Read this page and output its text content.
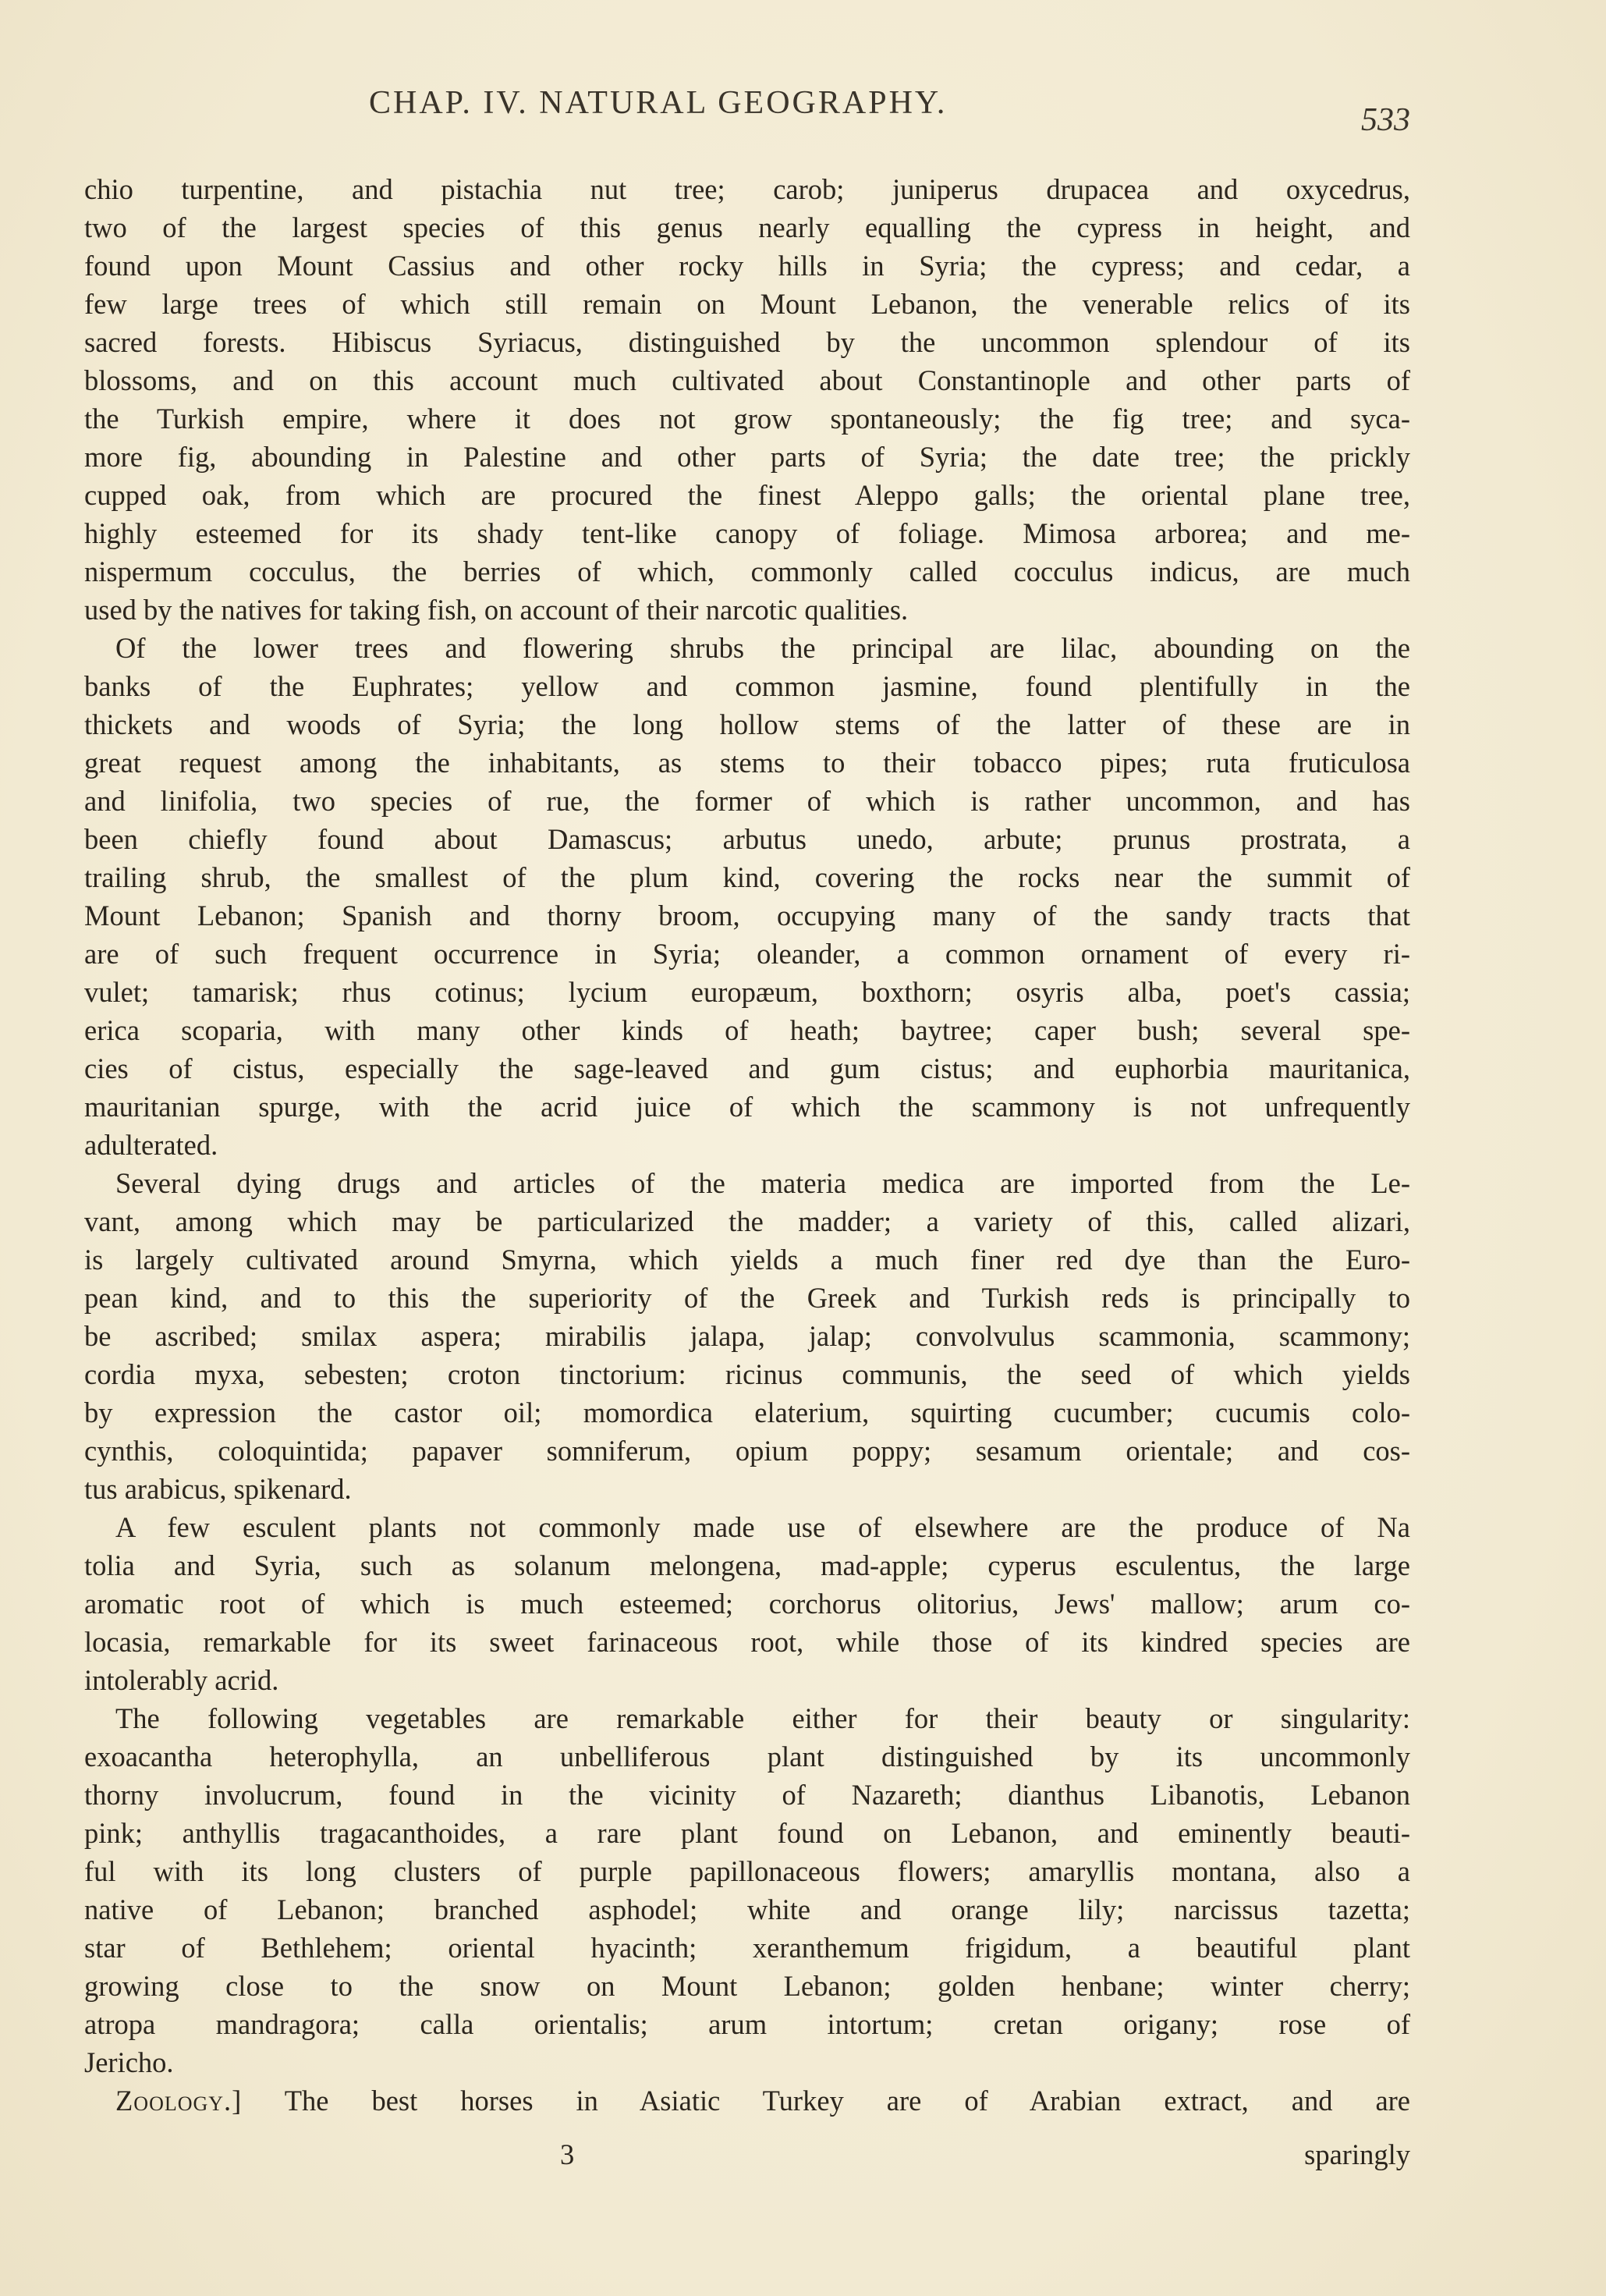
CHAP. IV. NATURAL GEOGRAPHY.	533
chio turpentine, and pistachia nut tree; carob; juniperus drupacea and oxycedrus,
two of the largest species of this genus nearly equalling the cypress in height, and
found upon Mount Cassius and other rocky hills in Syria; the cypress; and cedar, a
few large trees of which still remain on Mount Lebanon, the venerable relics of its
sacred forests. Hibiscus Syriacus, distinguished by the uncommon splendour of its
blossoms, and on this account much cultivated about Constantinople and other parts of
the Turkish empire, where it does not grow spontaneously; the fig tree; and syca-
more fig, abounding in Palestine and other parts of Syria; the date tree; the prickly
cupped oak, from which are procured the finest Aleppo galls; the oriental plane tree,
highly esteemed for its shady tent-like canopy of foliage. Mimosa arborea; and me-
nispermum cocculus, the berries of which, commonly called cocculus indicus, are much
used by the natives for taking fish, on account of their narcotic qualities.
Of the lower trees and flowering shrubs the principal are lilac, abounding on the
banks of the Euphrates; yellow and common jasmine, found plentifully in the
thickets and woods of Syria; the long hollow stems of the latter of these are in
great request among the inhabitants, as stems to their tobacco pipes; ruta fruticulosa
and linifolia, two species of rue, the former of which is rather uncommon, and has
been chiefly found about Damascus; arbutus unedo, arbute; prunus prostrata, a
trailing shrub, the smallest of the plum kind, covering the rocks near the summit of
Mount Lebanon; Spanish and thorny broom, occupying many of the sandy tracts that
are of such frequent occurrence in Syria; oleander, a common ornament of every ri-
vulet; tamarisk; rhus cotinus; lycium europæum, boxthorn; osyris alba, poet's cassia;
erica scoparia, with many other kinds of heath; baytree; caper bush; several spe-
cies of cistus, especially the sage-leaved and gum cistus; and euphorbia mauritanica,
mauritanian spurge, with the acrid juice of which the scammony is not unfrequently
adulterated.
Several dying drugs and articles of the materia medica are imported from the Le-
vant, among which may be particularized the madder; a variety of this, called alizari,
is largely cultivated around Smyrna, which yields a much finer red dye than the Euro-
pean kind, and to this the superiority of the Greek and Turkish reds is principally to
be ascribed; smilax aspera; mirabilis jalapa, jalap; convolvulus scammonia, scammony;
cordia myxa, sebesten; croton tinctorium: ricinus communis, the seed of which yields
by expression the castor oil; momordica elaterium, squirting cucumber; cucumis colo-
cynthis, coloquintida; papaver somniferum, opium poppy; sesamum orientale; and cos-
tus arabicus, spikenard.
A few esculent plants not commonly made use of elsewhere are the produce of Na
tolia and Syria, such as solanum melongena, mad-apple; cyperus esculentus, the large
aromatic root of which is much esteemed; corchorus olitorius, Jews' mallow; arum co-
locasia, remarkable for its sweet farinaceous root, while those of its kindred species are
intolerably acrid.
The following vegetables are remarkable either for their beauty or singularity:
exoacantha heterophylla, an unbelliferous plant distinguished by its uncommonly
thorny involucrum, found in the vicinity of Nazareth; dianthus Libanotis, Lebanon
pink; anthyllis tragacanthoides, a rare plant found on Lebanon, and eminently beauti-
ful with its long clusters of purple papillonaceous flowers; amaryllis montana, also a
native of Lebanon; branched asphodel; white and orange lily; narcissus tazetta;
star of Bethlehem; oriental hyacinth; xeranthemum frigidum, a beautiful plant
growing close to the snow on Mount Lebanon; golden henbane; winter cherry;
atropa mandragora; calla orientalis; arum intortum; cretan origany; rose of
Jericho.
Zoology.] The best horses in Asiatic Turkey are of Arabian extract, and are
3	sparingly
